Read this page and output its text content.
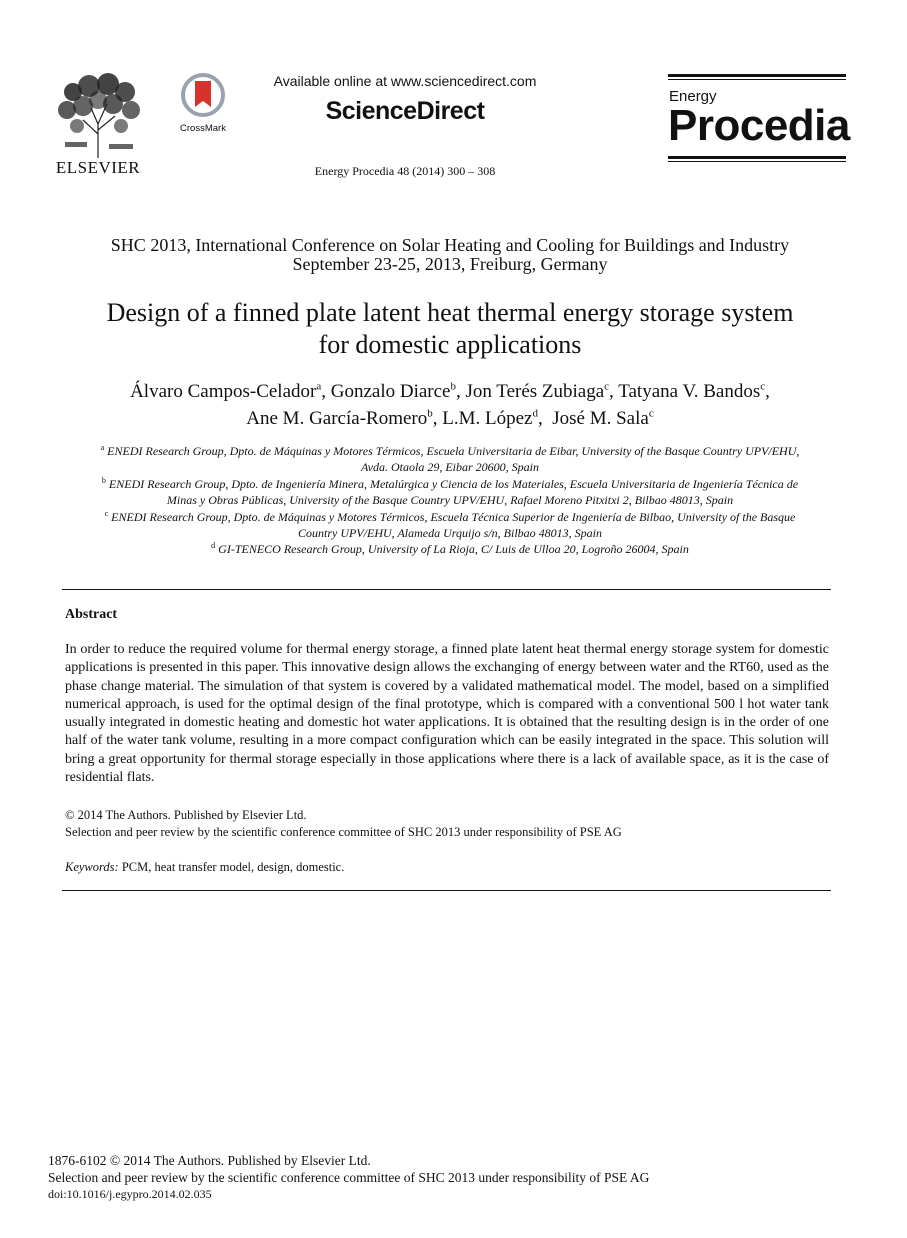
ELSEVIER
CrossMark
Available online at www.sciencedirect.com
ScienceDirect
Energy Procedia 48 (2014) 300 – 308
Energy
Procedia
SHC 2013, International Conference on Solar Heating and Cooling for Buildings and Industry
September 23-25, 2013, Freiburg, Germany
Design of a finned plate latent heat thermal energy storage system
for domestic applications
Álvaro Campos-Celador$^a$, Gonzalo Diarce$^b$, Jon Terés Zubiaga$^c$, Tatyana V. Bandos$^c$,
Ane M. García-Romero$^b$, L.M. López$^d$,  José M. Sala$^c$
$^a$ ENEDI Research Group, Dpto. de Máquinas y Motores Térmicos, Escuela Universitaria de Eibar, University of the Basque Country UPV/EHU,
Avda. Otaola 29, Eibar 20600, Spain
$^b$ ENEDI Research Group, Dpto. de Ingeniería Minera, Metalúrgica y Ciencia de los Materiales, Escuela Universitaria de Ingeniería Técnica de
Minas y Obras Públicas, University of the Basque Country UPV/EHU, Rafael Moreno Pitxitxi 2, Bilbao 48013, Spain
$^c$ ENEDI Research Group, Dpto. de Máquinas y Motores Térmicos, Escuela Técnica Superior de Ingeniería de Bilbao, University of the Basque
Country UPV/EHU, Alameda Urquijo s/n, Bilbao 48013, Spain
$^d$ GI-TENECO Research Group, University of La Rioja, C/ Luis de Ulloa 20, Logroño 26004, Spain
Abstract
In order to reduce the required volume for thermal energy storage, a finned plate latent heat thermal energy storage system for domestic applications is presented in this paper. This innovative design allows the exchanging of energy between water and the RT60, used as the phase change material. The simulation of that system is covered by a validated mathematical model. The model, based on a simplified numerical approach, is used for the optimal design of the final prototype, which is compared with a conventional 500 l hot water tank usually integrated in domestic heating and domestic hot water applications. It is obtained that the resulting design is in the order of one half of the water tank volume, resulting in a more compact configuration which can be easily integrated in the space. This solution will bring a great opportunity for thermal storage especially in those applications where there is a lack of available space, as it is the case of residential flats.
© 2014 The Authors. Published by Elsevier Ltd.
Selection and peer review by the scientific conference committee of SHC 2013 under responsibility of PSE AG
Keywords: PCM, heat transfer model, design, domestic.
1876-6102 © 2014 The Authors. Published by Elsevier Ltd.
Selection and peer review by the scientific conference committee of SHC 2013 under responsibility of PSE AG
doi:10.1016/j.egypro.2014.02.035
